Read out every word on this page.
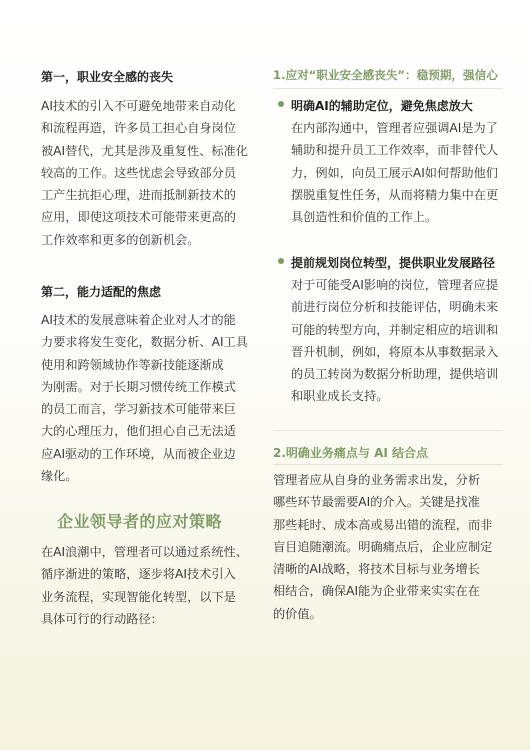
第一，职业安全感的丧失
AI技术的引入不可避免地带来自动化
和流程再造，许多员工担心自身岗位
被AI替代，尤其是涉及重复性、标准化
较高的工作。这些忧虑会导致部分员
工产生抗拒心理，进而抵制新技术的
应用，即使这项技术可能带来更高的
工作效率和更多的创新机会。
第二，能力适配的焦虑
AI技术的发展意味着企业对人才的能
力要求将发生变化，数据分析、AI工具
使用和跨领域协作等新技能逐渐成
为刚需。对于长期习惯传统工作模式
的员工而言，学习新技术可能带来巨
大的心理压力，他们担心自己无法适
应AI驱动的工作环境，从而被企业边
缘化。
企业领导者的应对策略
在AI浪潮中，管理者可以通过系统性、
循序渐进的策略，逐步将AI技术引入
业务流程，实现智能化转型，以下是
具体可行的行动路径：
1.应对“职业安全感丧失”：稳预期，强信心
明确AI的辅助定位，避免焦虑放大
在内部沟通中，管理者应强调AI是为了
辅助和提升员工工作效率，而非替代人
力，例如，向员工展示AI如何帮助他们
摆脱重复性任务，从而将精力集中在更
具创造性和价值的工作上。
提前规划岗位转型，提供职业发展路径
对于可能受AI影响的岗位，管理者应提
前进行岗位分析和技能评估，明确未来
可能的转型方向，并制定相应的培训和
晋升机制，例如，将原本从事数据录入
的员工转岗为数据分析助理，提供培训
和职业成长支持。
2.明确业务痛点与 AI 结合点
管理者应从自身的业务需求出发，分析
哪些环节最需要AI的介入。关键是找准
那些耗时、成本高或易出错的流程，而非
盲目追随潮流。明确痛点后，企业应制定
清晰的AI战略，将技术目标与业务增长
相结合，确保AI能为企业带来实实在在
的价值。
